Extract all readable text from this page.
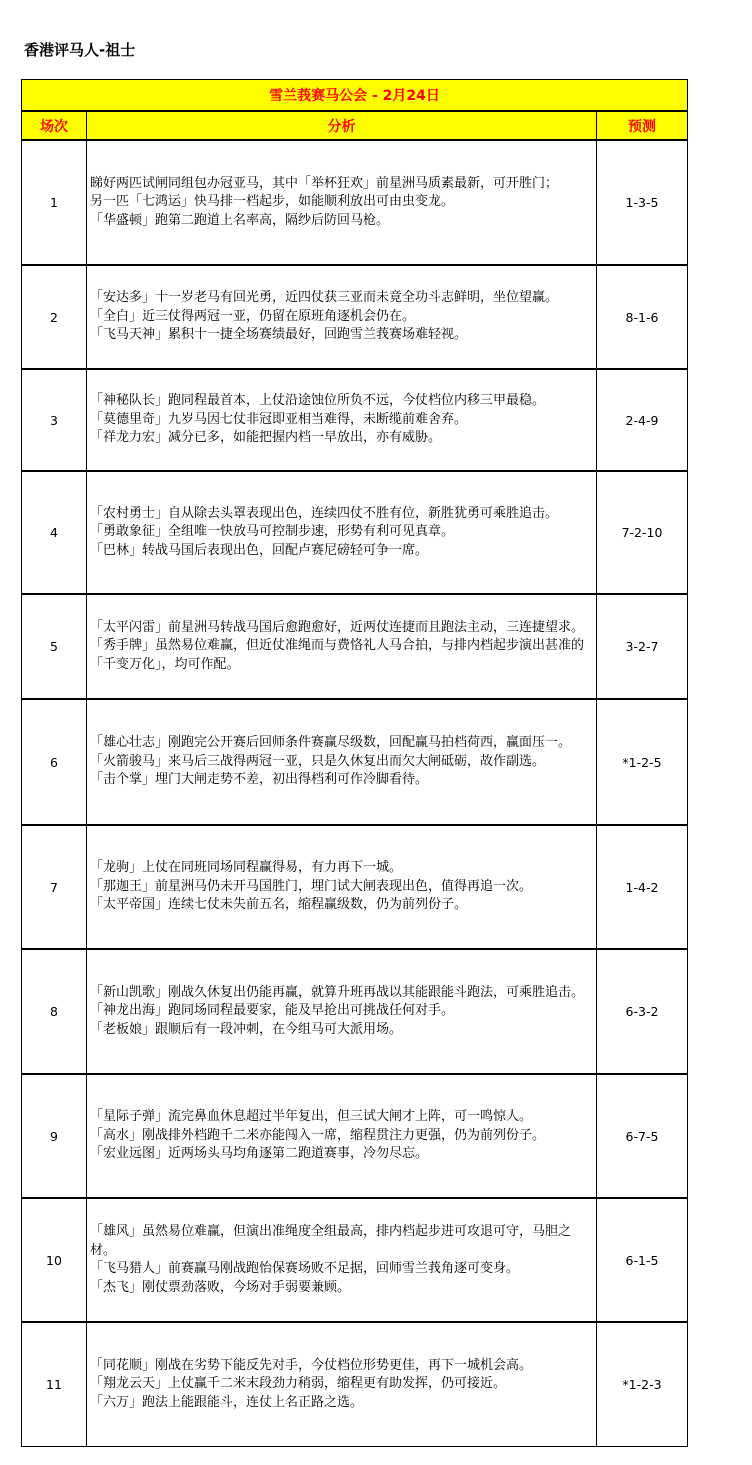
香港评马人-祖士
雪兰莪赛马公会 - 2月24日		
场次	分析	预测
1	睇好两匹试闸同组包办冠亚马，其中「举杯狂欢」前星洲马质素最新，可开胜门；
另一匹「七鸿运」快马排一档起步，如能顺利放出可由虫变龙。
「华盛顿」跑第二跑道上名率高，隔纱后防回马枪。	1-3-5
2	「安达多」十一岁老马有回光勇，近四仗获三亚而未竟全功斗志鲜明，坐位望赢。
「全白」近三仗得两冠一亚，仍留在原班角逐机会仍在。
「飞马天神」累积十一捷全场赛绩最好，回跑雪兰莪赛场难轻视。	8-1-6
3	「神秘队长」跑同程最首本，上仗沿途蚀位所负不远，今仗档位内移三甲最稳。
「莫德里奇」九岁马因七仗非冠即亚相当难得，未断缆前难舍弃。
「祥龙力宏」减分已多，如能把握内档一早放出，亦有威胁。	2-4-9
4	「农村勇士」自从除去头罩表现出色，连续四仗不胜有位，新胜犹勇可乘胜追击。
「勇敢象征」全组唯一快放马可控制步速，形势有利可见真章。
「巴林」转战马国后表现出色，回配卢赛尼磅轻可争一席。	7-2-10
5	「太平闪雷」前星洲马转战马国后愈跑愈好，近两仗连捷而且跑法主动，三连捷望求。
「秀手牌」虽然易位难赢，但近仗准绳而与费恪礼人马合拍，与排内档起步演出甚准的「千变万化」，均可作配。	3-2-7
6	「雄心壮志」刚跑完公开赛后回师条件赛赢尽级数，回配赢马拍档荷西，赢面压一。
「火箭骏马」来马后三战得两冠一亚，只是久休复出而欠大闸砥砺，故作副选。
「击个掌」埋门大闸走势不差，初出得档利可作冷脚看待。	*1-2-5
7	「龙驹」上仗在同班同场同程赢得易，有力再下一城。
「那迦王」前星洲马仍未开马国胜门，埋门试大闸表现出色，值得再追一次。
「太平帝国」连续七仗未失前五名，缩程赢级数，仍为前列份子。	1-4-2
8	「新山凯歌」刚战久休复出仍能再赢，就算升班再战以其能跟能斗跑法，可乘胜追击。
「神龙出海」跑同场同程最要家，能及早抢出可挑战任何对手。
「老板娘」跟顺后有一段冲刺，在今组马可大派用场。	6-3-2
9	「星际子弹」流完鼻血休息超过半年复出，但三试大闸才上阵，可一鸣惊人。
「高水」刚战排外档跑千二米亦能闯入一席，缩程贯注力更强，仍为前列份子。
「宏业远图」近两场头马均角逐第二跑道赛事，冷勿尽忘。	6-7-5
10	「雄风」虽然易位难赢，但演出准绳度全组最高，排内档起步进可攻退可守，马胆之材。
「飞马猎人」前赛赢马刚战跑怡保赛场败不足据，回师雪兰莪角逐可变身。
「杰飞」刚仗票劲落败，今场对手弱要兼顾。	6-1-5
11	「同花顺」刚战在劣势下能反先对手，今仗档位形势更佳，再下一城机会高。
「翔龙云天」上仗赢千二米末段劲力稍弱，缩程更有助发挥，仍可接近。
「六万」跑法上能跟能斗，连仗上名正路之选。	*1-2-3
